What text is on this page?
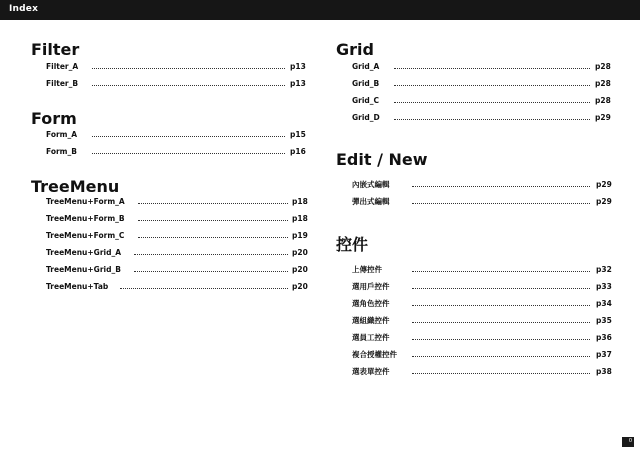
Index
Filter
Filter_A	p13
Filter_B	p13
Form
Form_A	p15
Form_B	p16
TreeMenu
TreeMenu+Form_A	p18
TreeMenu+Form_B	p18
TreeMenu+Form_C	p19
TreeMenu+Grid_A	p20
TreeMenu+Grid_B	p20
TreeMenu+Tab	p20
Grid
Grid_A	p28
Grid_B	p28
Grid_C	p28
Grid_D	p29
Edit / New
內嵌式編輯	p29
彈出式編輯	p29
控件
上傳控件	p32
選用戶控件	p33
選角色控件	p34
選組織控件	p35
選員工控件	p36
複合授權控件	p37
選表單控件	p38
0
